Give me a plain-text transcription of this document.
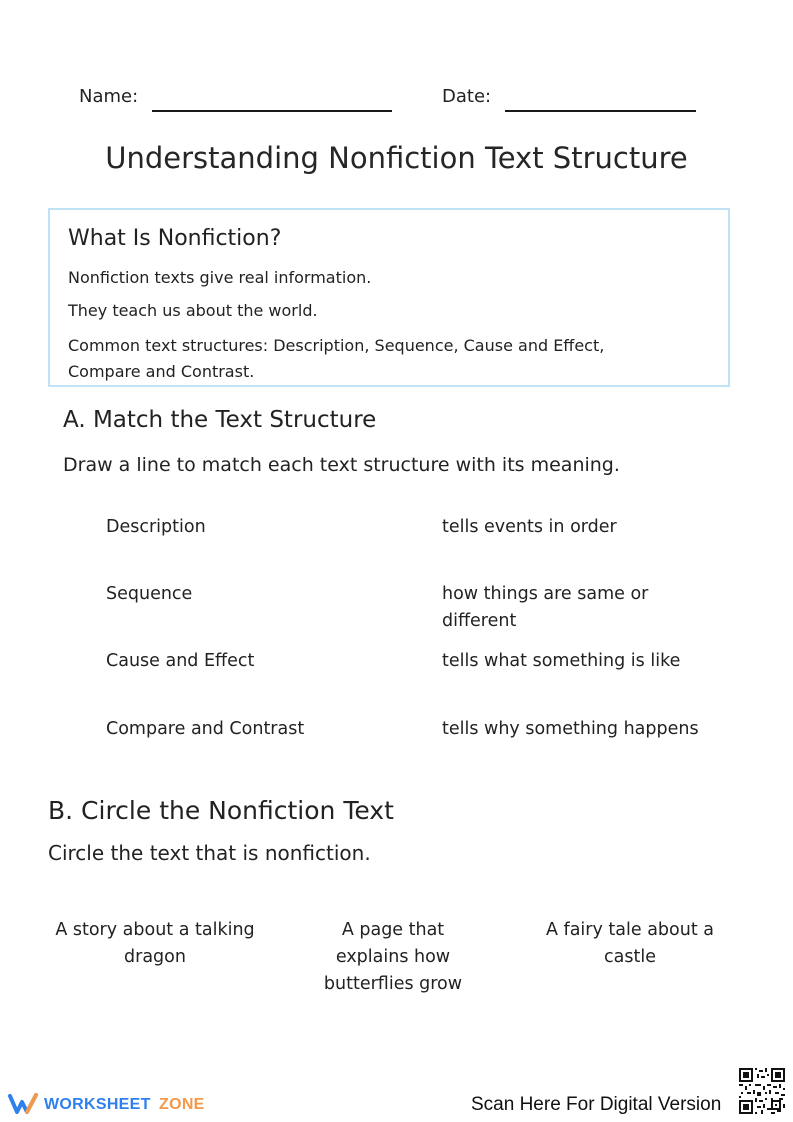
Name:	Date:
Understanding Nonfiction Text Structure
What Is Nonfiction?
Nonfiction texts give real information.
They teach us about the world.
Common text structures: Description, Sequence, Cause and Effect,
Compare and Contrast.
A. Match the Text Structure
Draw a line to match each text structure with its meaning.
Description
Sequence
Cause and Effect
Compare and Contrast
tells events in order
how things are same or different
tells what something is like
tells why something happens
B. Circle the Nonfiction Text
Circle the text that is nonfiction.
A story about a talking dragon
A page that explains how butterflies grow
A fairy tale about a castle
WORKSHEET ZONE	Scan Here For Digital Version
